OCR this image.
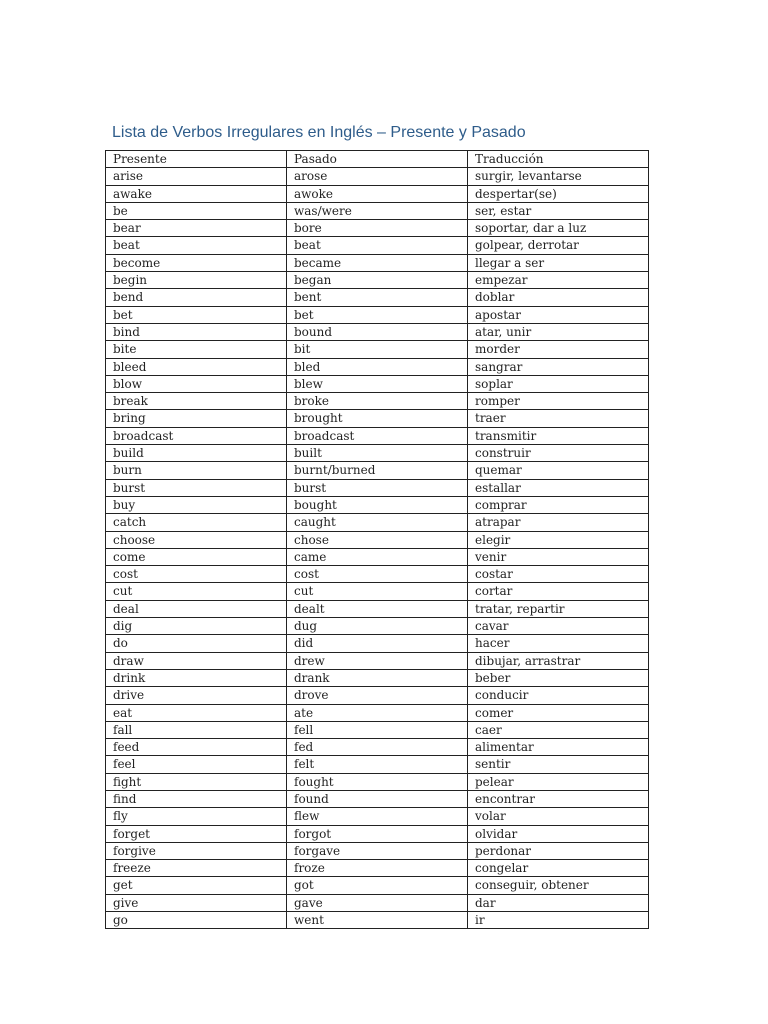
Lista de Verbos Irregulares en Inglés – Presente y Pasado
Presente	Pasado	Traducción
arise	arose	surgir, levantarse
awake	awoke	despertar(se)
be	was/were	ser, estar
bear	bore	soportar, dar a luz
beat	beat	golpear, derrotar
become	became	llegar a ser
begin	began	empezar
bend	bent	doblar
bet	bet	apostar
bind	bound	atar, unir
bite	bit	morder
bleed	bled	sangrar
blow	blew	soplar
break	broke	romper
bring	brought	traer
broadcast	broadcast	transmitir
build	built	construir
burn	burnt/burned	quemar
burst	burst	estallar
buy	bought	comprar
catch	caught	atrapar
choose	chose	elegir
come	came	venir
cost	cost	costar
cut	cut	cortar
deal	dealt	tratar, repartir
dig	dug	cavar
do	did	hacer
draw	drew	dibujar, arrastrar
drink	drank	beber
drive	drove	conducir
eat	ate	comer
fall	fell	caer
feed	fed	alimentar
feel	felt	sentir
fight	fought	pelear
find	found	encontrar
fly	flew	volar
forget	forgot	olvidar
forgive	forgave	perdonar
freeze	froze	congelar
get	got	conseguir, obtener
give	gave	dar
go	went	ir
